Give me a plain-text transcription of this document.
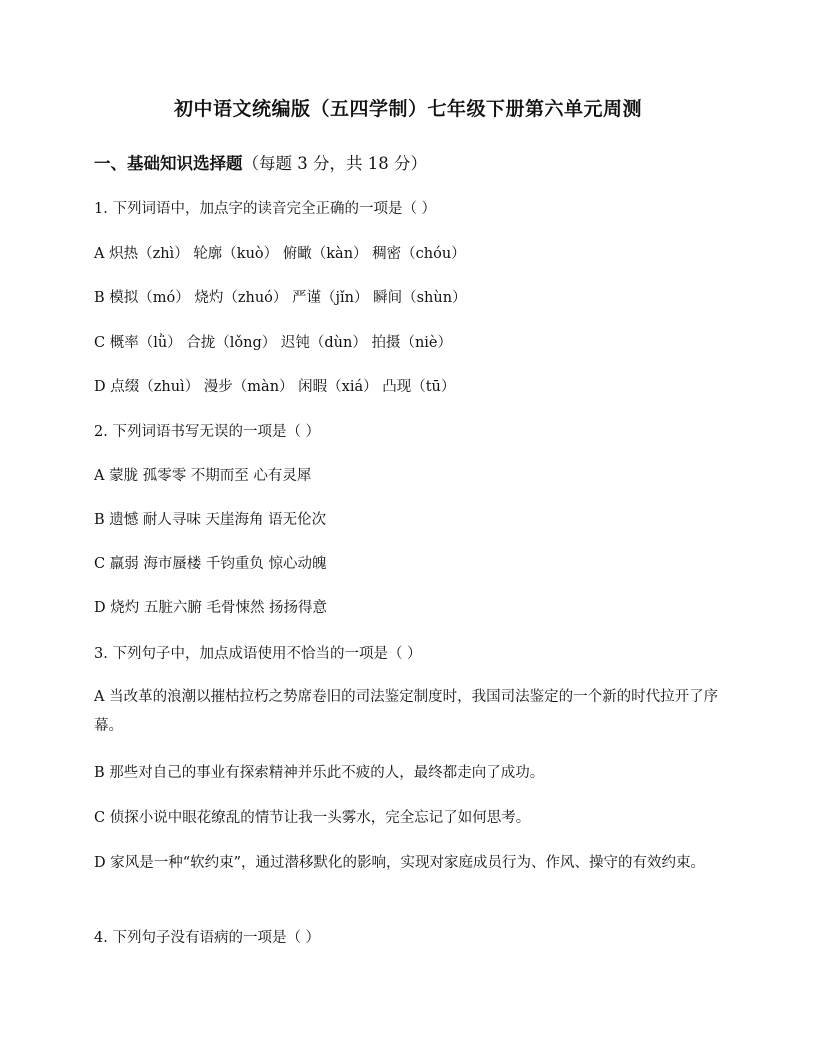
初中语文统编版（五四学制）七年级下册第六单元周测
一、基础知识选择题（每题 3 分，共 18 分）
1. 下列词语中，加点字的读音完全正确的一项是（ ）
A 炽热（zhì） 轮廓（kuò） 俯瞰（kàn） 稠密（chóu）
B 模拟（mó） 烧灼（zhuó） 严谨（jǐn） 瞬间（shùn）
C 概率（lǜ） 合拢（lǒng） 迟钝（dùn） 拍摄（niè）
D 点缀（zhuì） 漫步（màn） 闲暇（xiá） 凸现（tū）
2. 下列词语书写无误的一项是（ ）
A 蒙胧 孤零零 不期而至 心有灵犀
B 遗憾 耐人寻味 天崖海角 语无伦次
C 羸弱 海市蜃楼 千钧重负 惊心动魄
D 烧灼 五脏六腑 毛骨悚然 扬扬得意
3. 下列句子中，加点成语使用不恰当的一项是（ ）
A 当改革的浪潮以摧枯拉朽之势席卷旧的司法鉴定制度时，我国司法鉴定的一个新的时代拉开了序幕。
B 那些对自己的事业有探索精神并乐此不疲的人，最终都走向了成功。
C 侦探小说中眼花缭乱的情节让我一头雾水，完全忘记了如何思考。
D 家风是一种“软约束”，通过潜移默化的影响，实现对家庭成员行为、作风、操守的有效约束。
4. 下列句子没有语病的一项是（ ）
